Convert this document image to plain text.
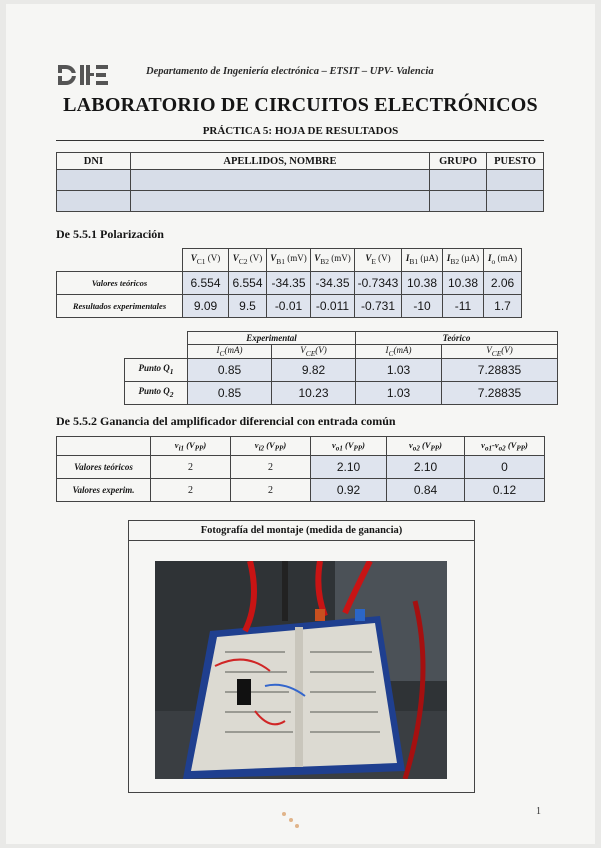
Departamento de Ingeniería electrónica – ETSIT – UPV- Valencia
LABORATORIO DE CIRCUITOS ELECTRÓNICOS
PRÁCTICA 5: HOJA DE RESULTADOS
DNI	APELLIDOS, NOMBRE	GRUPO	PUESTO

De 5.5.1 Polarización
	$V_{C1}$ (V)	$V_{C2}$ (V)	$V_{B1}$ (mV)	$V_{B2}$ (mV)	$V_E$ (V)	$I_{B1}$ (µA)	$I_{B2}$ (µA)	$I_o$ (mA)
Valores teóricos	6.554	6.554	-34.35	-34.35	-0.7343	10.38	10.38	2.06
Resultados experimentales	9.09	9.5	-0.01	-0.011	-0.731	-10	-11	1.7
	Experimental		Teórico	
	$I_C(mA)$	$V_{CE}(V)$	$I_C(mA)$	$V_{CE}(V)$
Punto $Q_1$	0.85	9.82	1.03	7.28835
Punto $Q_2$	0.85	10.23	1.03	7.28835
De 5.5.2 Ganancia del amplificador diferencial con entrada común
	$v_{i1}$ $(V_{PP})$	$v_{i2}$ $(V_{PP})$	$v_{o1}$ $(V_{PP})$	$v_{o2}$ $(V_{PP})$	$v_{o1}-v_{o2}$ $(V_{PP})$
Valores teóricos	2	2	2.10	2.10	0
Valores experim.	2	2	0.92	0.84	0.12
Fotografía del montaje (medida de ganancia)
1
